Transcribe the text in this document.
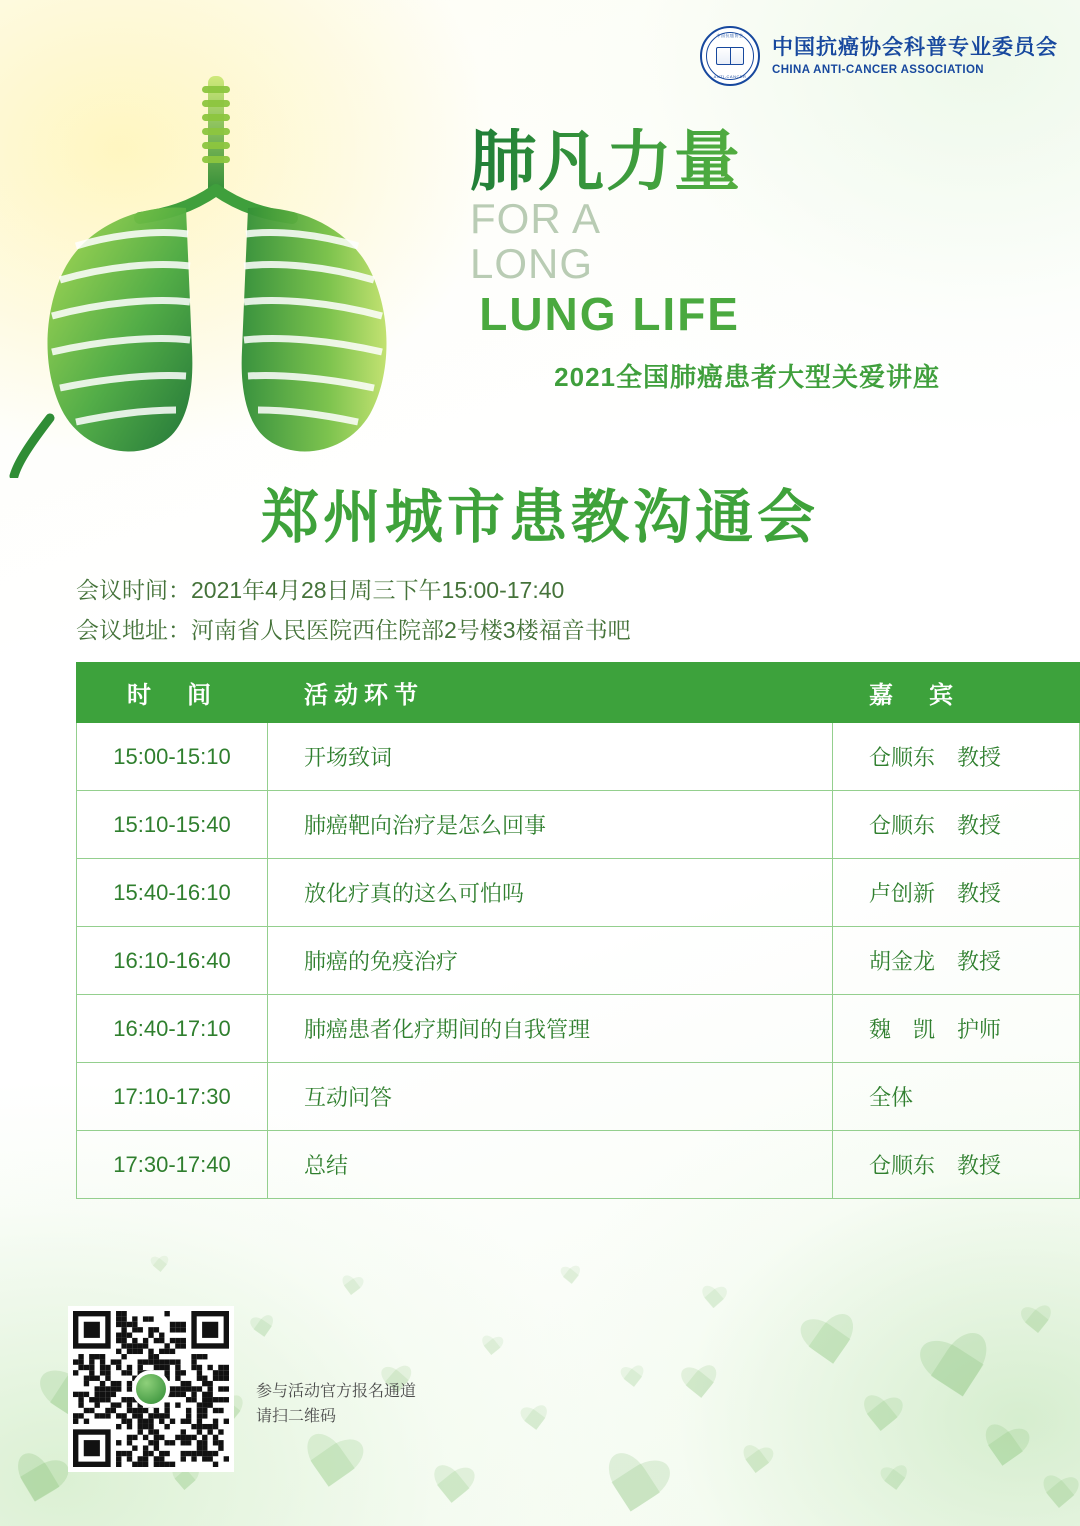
中国抗癌协会
ANTI-CANCER
中国抗癌协会科普专业委员会
CHINA ANTI-CANCER ASSOCIATION
肺凡力量
FOR A
LONG
LUNG LIFE
2021全国肺癌患者大型关爱讲座
郑州城市患教沟通会
会议时间：2021年4月28日周三下午15:00-17:40
会议地址：河南省人民医院西住院部2号楼3楼福音书吧
时　间	活动环节	嘉　宾
15:00-15:10	开场致词	仓顺东　教授
15:10-15:40	肺癌靶向治疗是怎么回事	仓顺东　教授
15:40-16:10	放化疗真的这么可怕吗	卢创新　教授
16:10-16:40	肺癌的免疫治疗	胡金龙　教授
16:40-17:10	肺癌患者化疗期间的自我管理	魏　凯　护师
17:10-17:30	互动问答	全体
17:30-17:40	总结	仓顺东　教授
参与活动官方报名通道
请扫二维码
